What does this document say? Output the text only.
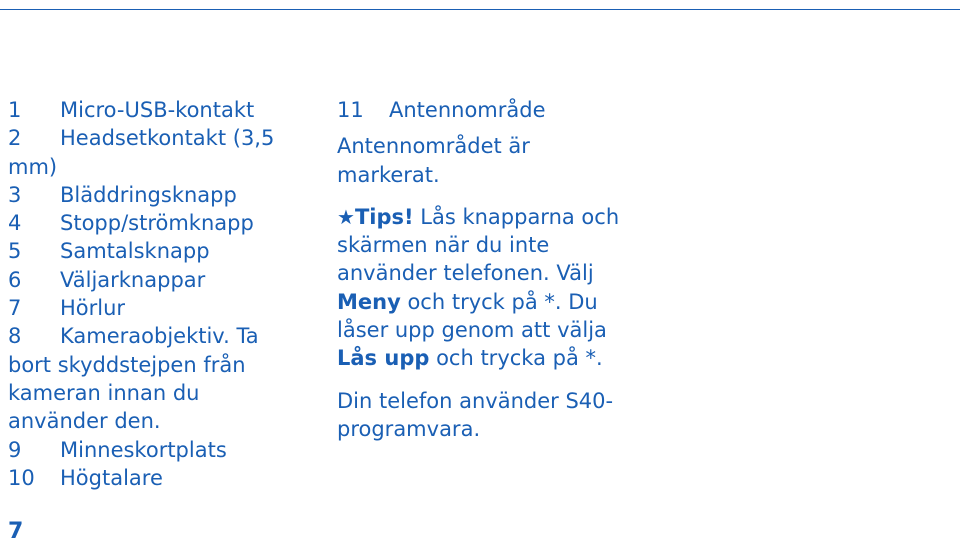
1 Micro-USB-kontakt
2 Headsetkontakt (3,5
mm)
3 Bläddringsknapp
4 Stopp/strömknapp
5 Samtalsknapp
6 Väljarknappar
7 Hörlur
8 Kameraobjektiv. Ta
bort skyddstejpen från
kameran innan du
använder den.
9 Minneskortplats
10 Högtalare
11 Antennområde
Antennområdet är
markerat.
★Tips! Lås knapparna och
skärmen när du inte
använder telefonen. Välj
Meny och tryck på *. Du
låser upp genom att välja
Lås upp och trycka på *.
Din telefon använder S40-
programvara.
7
